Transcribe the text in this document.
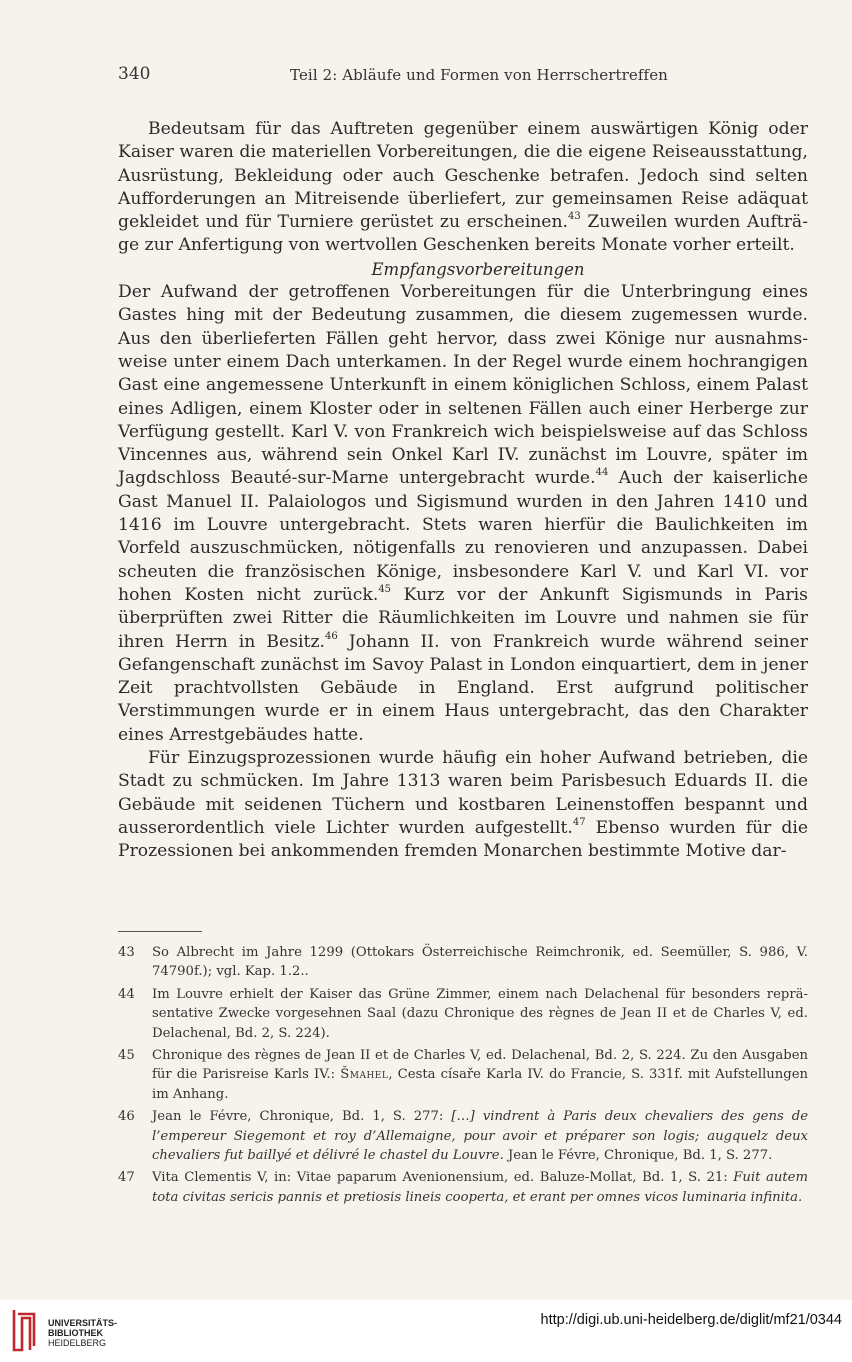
340	Teil 2: Abläufe und Formen von Herrschertreffen

Bedeutsam für das Auftreten gegenüber einem auswärtigen König oder Kaiser waren die materiellen Vorbereitungen, die die eigene Reiseausstattung, Ausrüstung, Bekleidung oder auch Geschenke betrafen. Jedoch sind selten Aufforderungen an Mitreisende überliefert, zur gemeinsamen Reise adäquat gekleidet und für Turniere gerüstet zu erscheinen.$^{43}$ Zuweilen wurden Aufträge zur Anfertigung von wertvollen Geschenken bereits Monate vorher erteilt.

Empfangsvorbereitungen

Der Aufwand der getroffenen Vorbereitungen für die Unterbringung eines Gastes hing mit der Bedeutung zusammen, die diesem zugemessen wurde. Aus den überlieferten Fällen geht hervor, dass zwei Könige nur ausnahmsweise unter einem Dach unterkamen. In der Regel wurde einem hochrangigen Gast eine angemessene Unterkunft in einem königlichen Schloss, einem Palast eines Adligen, einem Kloster oder in seltenen Fällen auch einer Herberge zur Verfügung gestellt. Karl V. von Frankreich wich beispielsweise auf das Schloss Vincennes aus, während sein Onkel Karl IV. zunächst im Louvre, später im Jagdschloss Beauté-sur-Marne untergebracht wurde.$^{44}$ Auch der kaiserliche Gast Manuel II. Palaiologos und Sigismund wurden in den Jahren 1410 und 1416 im Louvre untergebracht. Stets waren hierfür die Baulichkeiten im Vorfeld auszuschmücken, nötigenfalls zu renovieren und anzupassen. Dabei scheuten die französischen Könige, insbesondere Karl V. und Karl VI. vor hohen Kosten nicht zurück.$^{45}$ Kurz vor der Ankunft Sigismunds in Paris überprüften zwei Ritter die Räumlichkeiten im Louvre und nahmen sie für ihren Herrn in Besitz.$^{46}$ Johann II. von Frankreich wurde während seiner Gefangenschaft zunächst im Savoy Palast in London einquartiert, dem in jener Zeit prachtvollsten Gebäude in England. Erst aufgrund politischer Verstimmungen wurde er in einem Haus untergebracht, das den Charakter eines Arrestgebäudes hatte.

Für Einzugsprozessionen wurde häufig ein hoher Aufwand betrieben, die Stadt zu schmücken. Im Jahre 1313 waren beim Parisbesuch Eduards II. die Gebäude mit seidenen Tüchern und kostbaren Leinenstoffen bespannt und ausserordentlich viele Lichter wurden aufgestellt.$^{47}$ Ebenso wurden für die Prozessionen bei ankommenden fremden Monarchen bestimmte Motive dar-

43 So Albrecht im Jahre 1299 (Ottokars Österreichische Reimchronik, ed. Seemüller, S. 986, V. 74790f.); vgl. Kap. 1.2..

44 Im Louvre erhielt der Kaiser das Grüne Zimmer, einem nach Delachenal für besonders repräsentative Zwecke vorgesehnen Saal (dazu Chronique des règnes de Jean II et de Charles V, ed. Delachenal, Bd. 2, S. 224).

45 Chronique des règnes de Jean II et de Charles V, ed. Delachenal, Bd. 2, S. 224. Zu den Ausgaben für die Parisreise Karls IV.: Šmahel, Cesta císaře Karla IV. do Francie, S. 331f. mit Aufstellungen im Anhang.

46 Jean le Févre, Chronique, Bd. 1, S. 277: […] vindrent à Paris deux chevaliers des gens de l’empereur Siegemont et roy d’Allemaigne, pour avoir et préparer son logis; augquelz deux chevaliers fut baillyé et délivré le chastel du Louvre. Jean le Févre, Chronique, Bd. 1, S. 277.

47 Vita Clementis V, in: Vitae paparum Avenionensium, ed. Baluze-Mollat, Bd. 1, S. 21: Fuit autem tota civitas sericis pannis et pretiosis lineis cooperta, et erant per omnes vicos luminaria infinita.

UNIVERSITÄTS-
BIBLIOTHEK
HEIDELBERG
http://digi.ub.uni-heidelberg.de/diglit/mf21/0344
